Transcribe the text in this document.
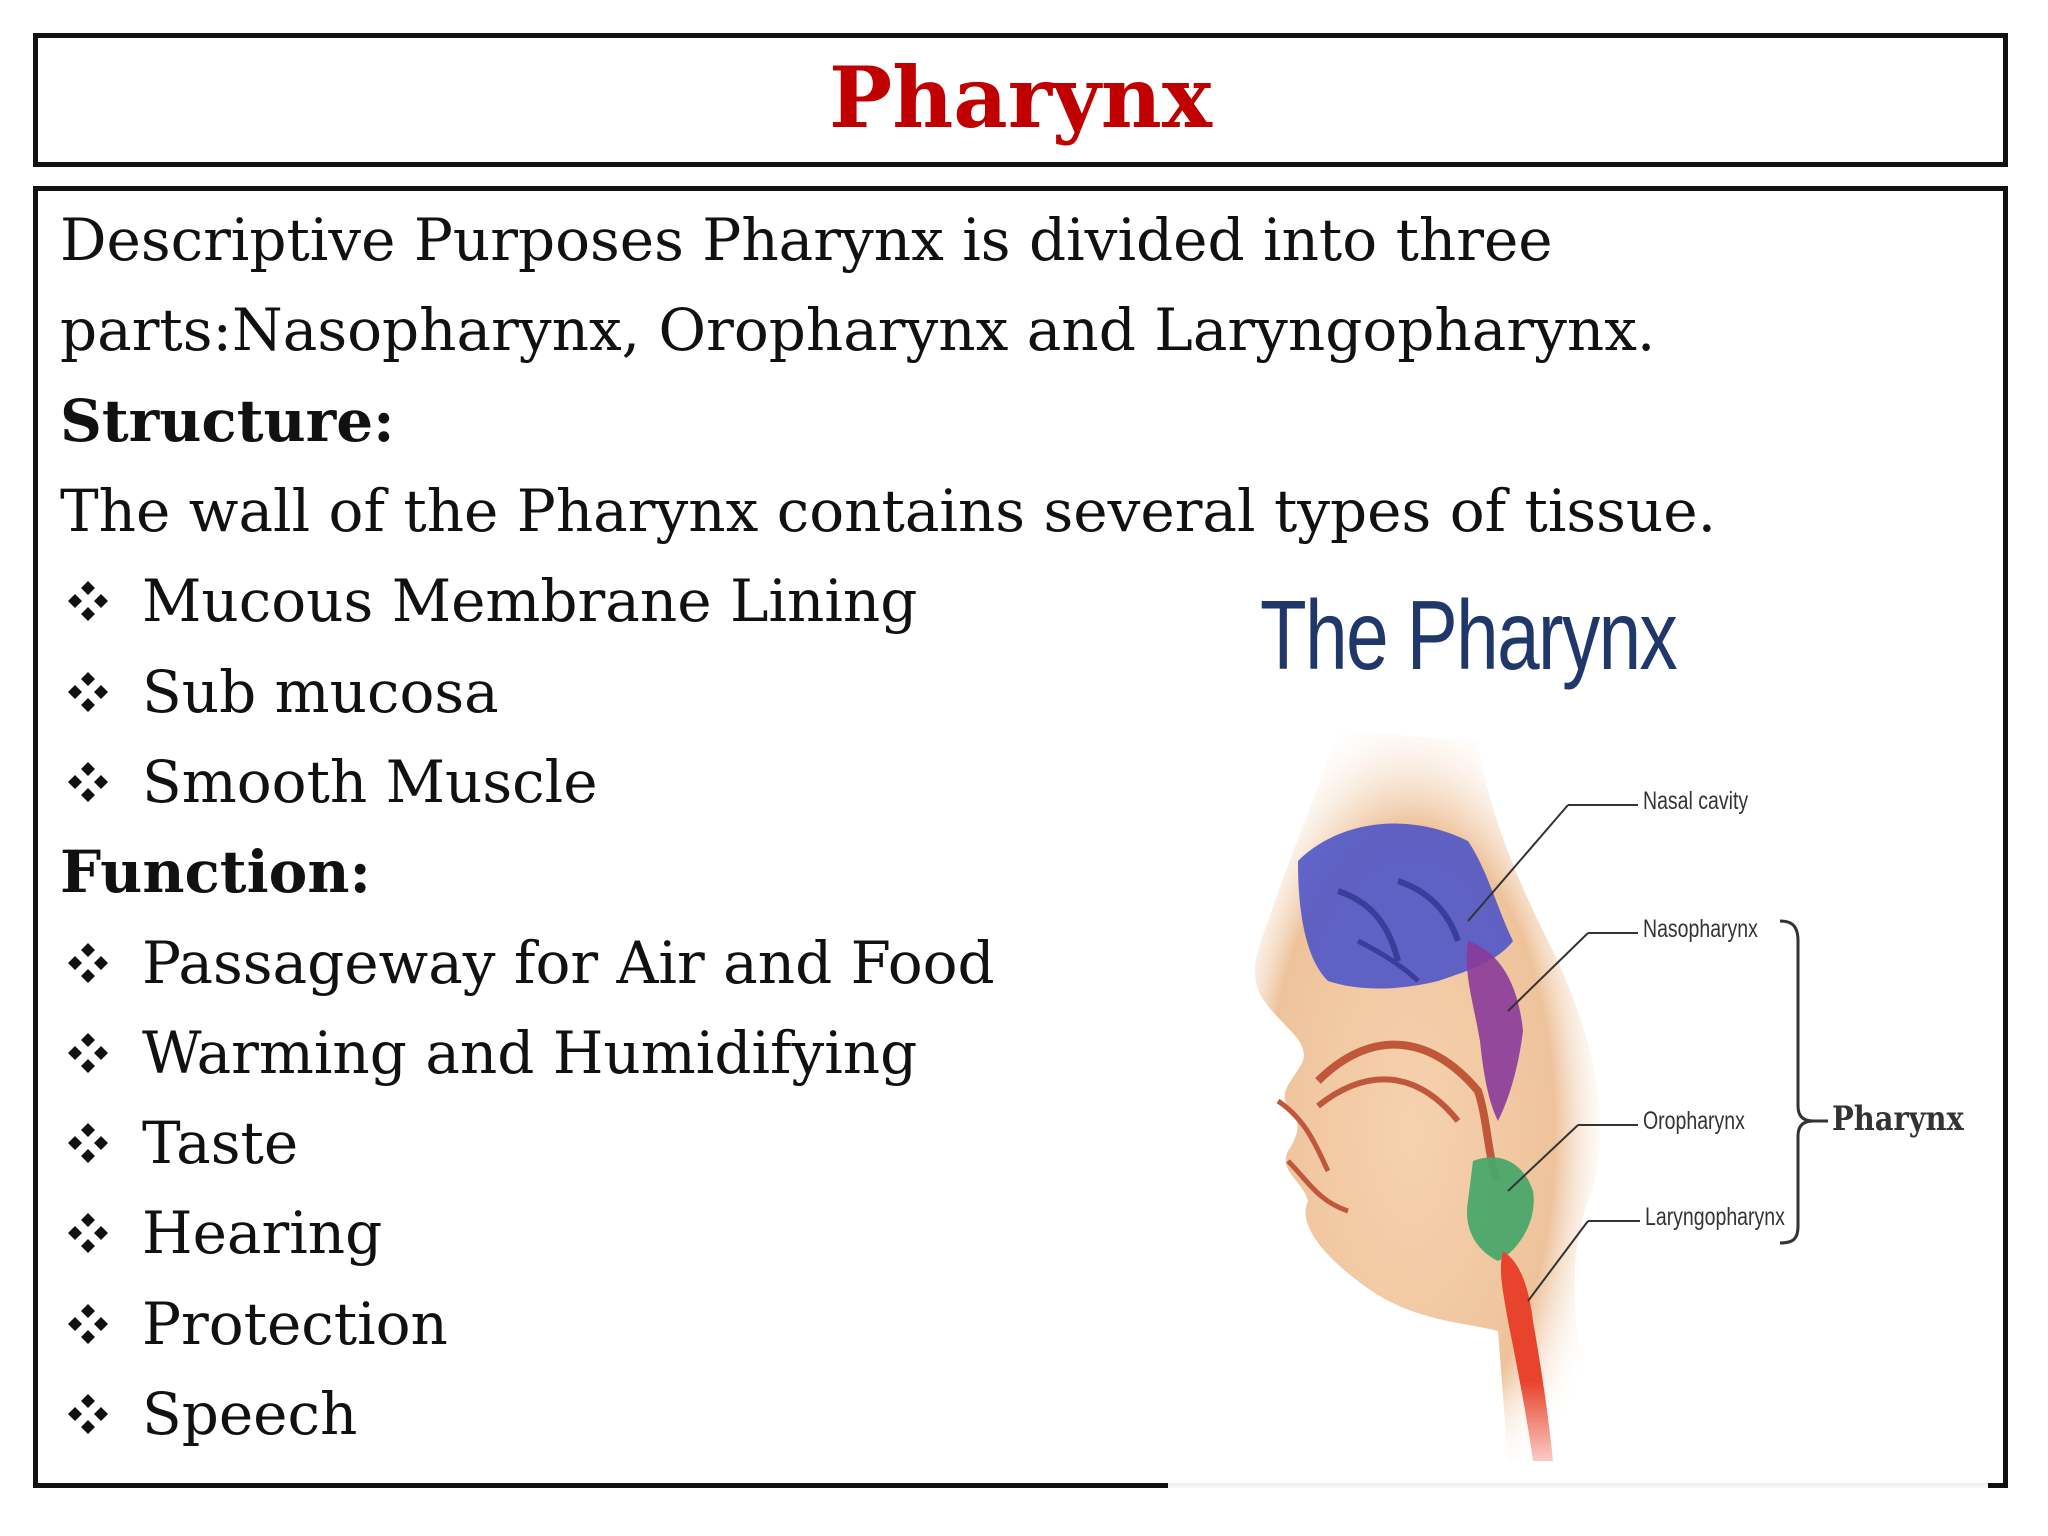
Pharynx
Descriptive Purposes Pharynx is divided into three
parts:Nasopharynx, Oropharynx and Laryngopharynx.
Structure:
The wall of the Pharynx contains several types of tissue.
Mucous Membrane Lining
Sub mucosa
Smooth Muscle
Function:
Passageway for Air and Food
Warming and Humidifying
Taste
Hearing
Protection
Speech
The Pharynx
Nasal cavity
Nasopharynx
Oropharynx
Laryngopharynx
Pharynx
